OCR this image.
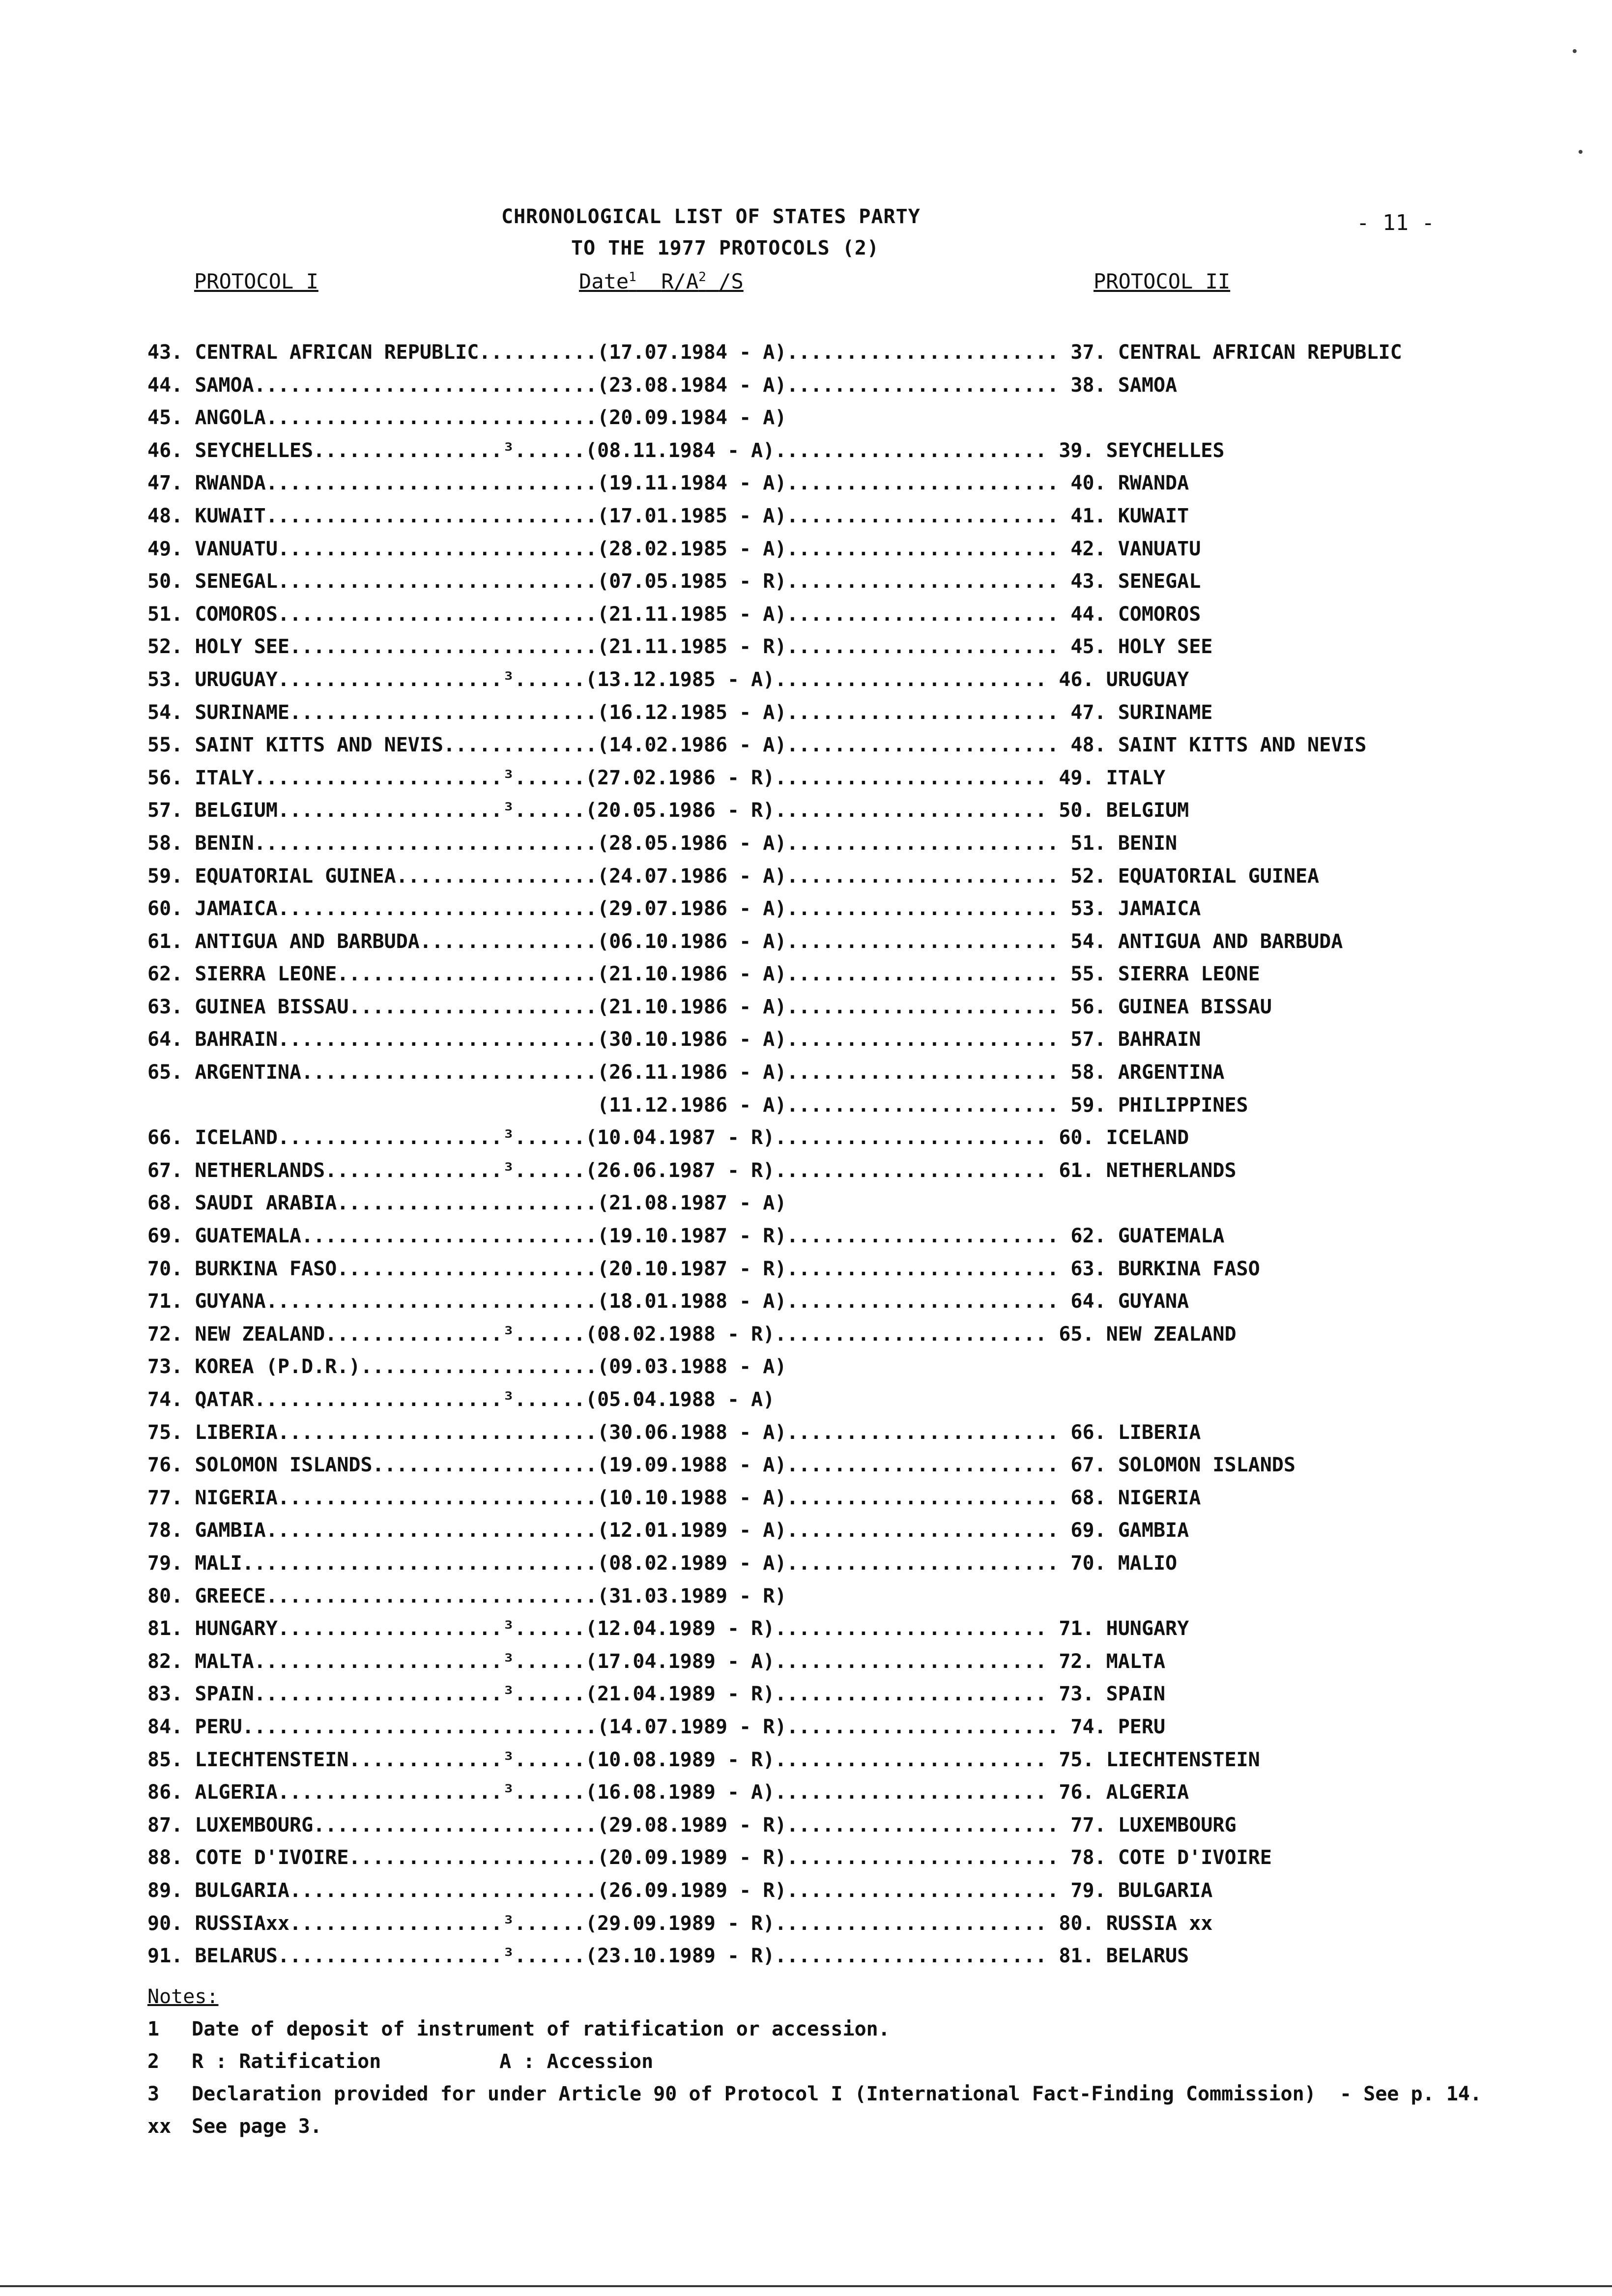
CHRONOLOGICAL LIST OF STATES PARTY
TO THE 1977 PROTOCOLS (2)
- 11 -
PROTOCOL I	Date$^1$ $R/A^2$ /S	PROTOCOL II
43. CENTRAL AFRICAN REPUBLIC..........(17.07.1984 - A)....................... 37. CENTRAL AFRICAN REPUBLIC
44. SAMOA.............................(23.08.1984 - A)....................... 38. SAMOA
45. ANGOLA............................(20.09.1984 - A)
46. SEYCHELLES................³......(08.11.1984 - A)....................... 39. SEYCHELLES
47. RWANDA............................(19.11.1984 - A)....................... 40. RWANDA
48. KUWAIT............................(17.01.1985 - A)....................... 41. KUWAIT
49. VANUATU...........................(28.02.1985 - A)....................... 42. VANUATU
50. SENEGAL...........................(07.05.1985 - R)....................... 43. SENEGAL
51. COMOROS...........................(21.11.1985 - A)....................... 44. COMOROS
52. HOLY SEE..........................(21.11.1985 - R)....................... 45. HOLY SEE
53. URUGUAY...................³......(13.12.1985 - A)....................... 46. URUGUAY
54. SURINAME..........................(16.12.1985 - A)....................... 47. SURINAME
55. SAINT KITTS AND NEVIS.............(14.02.1986 - A)....................... 48. SAINT KITTS AND NEVIS
56. ITALY.....................³......(27.02.1986 - R)....................... 49. ITALY
57. BELGIUM...................³......(20.05.1986 - R)....................... 50. BELGIUM
58. BENIN.............................(28.05.1986 - A)....................... 51. BENIN
59. EQUATORIAL GUINEA.................(24.07.1986 - A)....................... 52. EQUATORIAL GUINEA
60. JAMAICA...........................(29.07.1986 - A)....................... 53. JAMAICA
61. ANTIGUA AND BARBUDA...............(06.10.1986 - A)....................... 54. ANTIGUA AND BARBUDA
62. SIERRA LEONE......................(21.10.1986 - A)....................... 55. SIERRA LEONE
63. GUINEA BISSAU.....................(21.10.1986 - A)....................... 56. GUINEA BISSAU
64. BAHRAIN...........................(30.10.1986 - A)....................... 57. BAHRAIN
65. ARGENTINA.........................(26.11.1986 - A)....................... 58. ARGENTINA
(11.12.1986 - A)....................... 59. PHILIPPINES
66. ICELAND...................³......(10.04.1987 - R)....................... 60. ICELAND
67. NETHERLANDS...............³......(26.06.1987 - R)....................... 61. NETHERLANDS
68. SAUDI ARABIA......................(21.08.1987 - A)
69. GUATEMALA.........................(19.10.1987 - R)....................... 62. GUATEMALA
70. BURKINA FASO......................(20.10.1987 - R)....................... 63. BURKINA FASO
71. GUYANA............................(18.01.1988 - A)....................... 64. GUYANA
72. NEW ZEALAND...............³......(08.02.1988 - R)....................... 65. NEW ZEALAND
73. KOREA (P.D.R.)....................(09.03.1988 - A)
74. QATAR.....................³......(05.04.1988 - A)
75. LIBERIA...........................(30.06.1988 - A)....................... 66. LIBERIA
76. SOLOMON ISLANDS...................(19.09.1988 - A)....................... 67. SOLOMON ISLANDS
77. NIGERIA...........................(10.10.1988 - A)....................... 68. NIGERIA
78. GAMBIA............................(12.01.1989 - A)....................... 69. GAMBIA
79. MALI..............................(08.02.1989 - A)....................... 70. MALIO
80. GREECE............................(31.03.1989 - R)
81. HUNGARY...................³......(12.04.1989 - R)....................... 71. HUNGARY
82. MALTA.....................³......(17.04.1989 - A)....................... 72. MALTA
83. SPAIN.....................³......(21.04.1989 - R)....................... 73. SPAIN
84. PERU..............................(14.07.1989 - R)....................... 74. PERU
85. LIECHTENSTEIN.............³......(10.08.1989 - R)....................... 75. LIECHTENSTEIN
86. ALGERIA...................³......(16.08.1989 - A)....................... 76. ALGERIA
87. LUXEMBOURG........................(29.08.1989 - R)....................... 77. LUXEMBOURG
88. COTE D'IVOIRE.....................(20.09.1989 - R)....................... 78. COTE D'IVOIRE
89. BULGARIA..........................(26.09.1989 - R)....................... 79. BULGARIA
90. RUSSIAxx..................³......(29.09.1989 - R)....................... 80. RUSSIA xx
91. BELARUS...................³......(23.10.1989 - R)....................... 81. BELARUS
Notes:
1 Date of deposit of instrument of ratification or accession.
2 R : Ratification          A : Accession
3 Declaration provided for under Article 90 of Protocol I (International Fact-Finding Commission)  - See p. 14.
xx See page 3.
